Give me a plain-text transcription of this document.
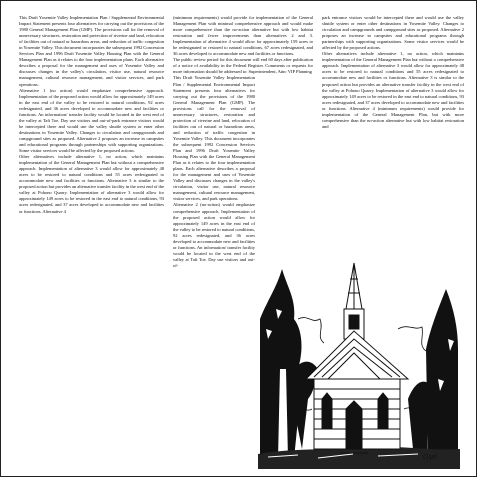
This Draft Yosemite Valley Implementation Plan / Supplemental Environmental Impact Statement presents four alternatives for carrying out the provisions of the 1980 General Management Plan (GMP). The provisions call for the removal of unnecessary structures, restoration and protection of riverine and land, relocation of facilities out of natural or hazardous areas, and reduction of traffic congestion in Yosemite Valley. This document incorporates the subsequent 1992 Concession Services Plan and 1996 Draft Yosemite Valley Housing Plan with the General Management Plan as it relates to the four implementation plans. Each alternative describes a proposal for the management and uses of Yosemite Valley and discusses changes in the valley's circulation, visitor use, natural resource management, cultural resource management, and visitor services, and park operations.

Alternative 1 (no action) would emphasize comprehensive approach. Implementation of the proposed action would allow for approximately 149 acres in the east end of the valley to be restored to natural conditions, 92 acres redesignated, and 36 acres developed to accommodate new and facilities or functions. An information/ transfer facility would be located in the west end of the valley at Taft Toe. Day use visitors and out-of-park entrance visitors would be intercepted there and would use the valley shuttle system or enter other destinations in Yosemite Valley. Changes to circulation and campgrounds and campground sites as proposed. Alternative 2 proposes an increase in campsites and educational programs through partnerships with supporting organizations. Some visitor services would be affected by the proposed actions.

Other alternatives include alternative 1, no action, which maintains implementation of the General Management Plan but without a comprehensive approach. Implementation of alternative 3 would allow for approximately 48 acres to be restored to natural conditions and 55 acres redesignated to accommodate new and facilities or functions. Alternative 3 is similar to the proposed action but provides an alternative transfer facility in the west end of the valley at Pohono Quarry. Implementation of alternative 3 would allow for approximately 149 acres to be restored in the east end to natural conditions, 93 acres redesignated, and 37 acres developed to accommodate new and facilities or functions. Alternative 4

(minimum requirements) would provide for implementation of the General Management Plan with minimal comprehensive approach and would make more comprehensive than the no-action alternative but with low habitat restoration and fewer improvements than alternatives 2 and 3. Implementation of alternative 4 would allow for approximately 159 acres to be redesignated or restored to natural conditions, 67 acres redesignated, and 36 acres developed to accommodate new and facilities or functions.

The public review period for this document will end 60 days after publication of a notice of availability in the Federal Register. Comments or requests for more information should be addressed to: Superintendent, Attn: VIP Planning

This Draft Yosemite Valley Implementation Plan / Supplemental Environmental Impact Statement presents four alternatives for carrying out the provisions of the 1980 General Management Plan (GMP). The provisions call for the removal of unnecessary structures, restoration and protection of riverine and land, relocation of facilities out of natural or hazardous areas, and reduction of traffic congestion in Yosemite Valley. This document incorporates the subsequent 1992 Concession Services Plan and 1996 Draft Yosemite Valley Housing Plan with the General Management Plan as it relates to the four implementation plans. Each alternative describes a proposal for the management and uses of Yosemite Valley and discusses changes in the valley's circulation, visitor use, natural resource management, cultural resource management, visitor services, and park operations.

Alternative 2 (no-action) would emphasize comprehensive approach. Implementation of the proposed action would allow for approximately 149 acres in the east end of the valley to be restored to natural conditions, 92 acres redesignated, and 36 acres developed to accommodate new and facilities or functions. An information/ transfer facility would be located in the west end of the valley at Taft Toe. Day use visitors and out-of-

park entrance visitors would be intercepted there and would use the valley shuttle system or enter other destinations in Yosemite Valley. Changes to circulation and campgrounds and campground sites as proposed. Alternative 2 proposes an increase in campsites and educational programs through partnerships with supporting organizations. Some visitor services would be affected by the proposed actions.

Other alternatives include alternative 1, no action, which maintains implementation of the General Management Plan but without a comprehensive approach. Implementation of alternative 3 would allow for approximately 48 acres to be restored to natural conditions and 55 acres redesignated to accommodate new and facilities or functions. Alternative 3 is similar to the proposed action but provides an alternative transfer facility in the west end of the valley at Pohono Quarry. Implementation of alternative 3 would allow for approximately 149 acres to be restored in the east end to natural conditions, 93 acres redesignated, and 37 acres developed to accommodate new and facilities or functions. Alternative 4 (minimum requirements) would provide for implementation of the General Management Plan, but with more comprehensive than the no-action alternative but with low habitat restoration and

Gyd
